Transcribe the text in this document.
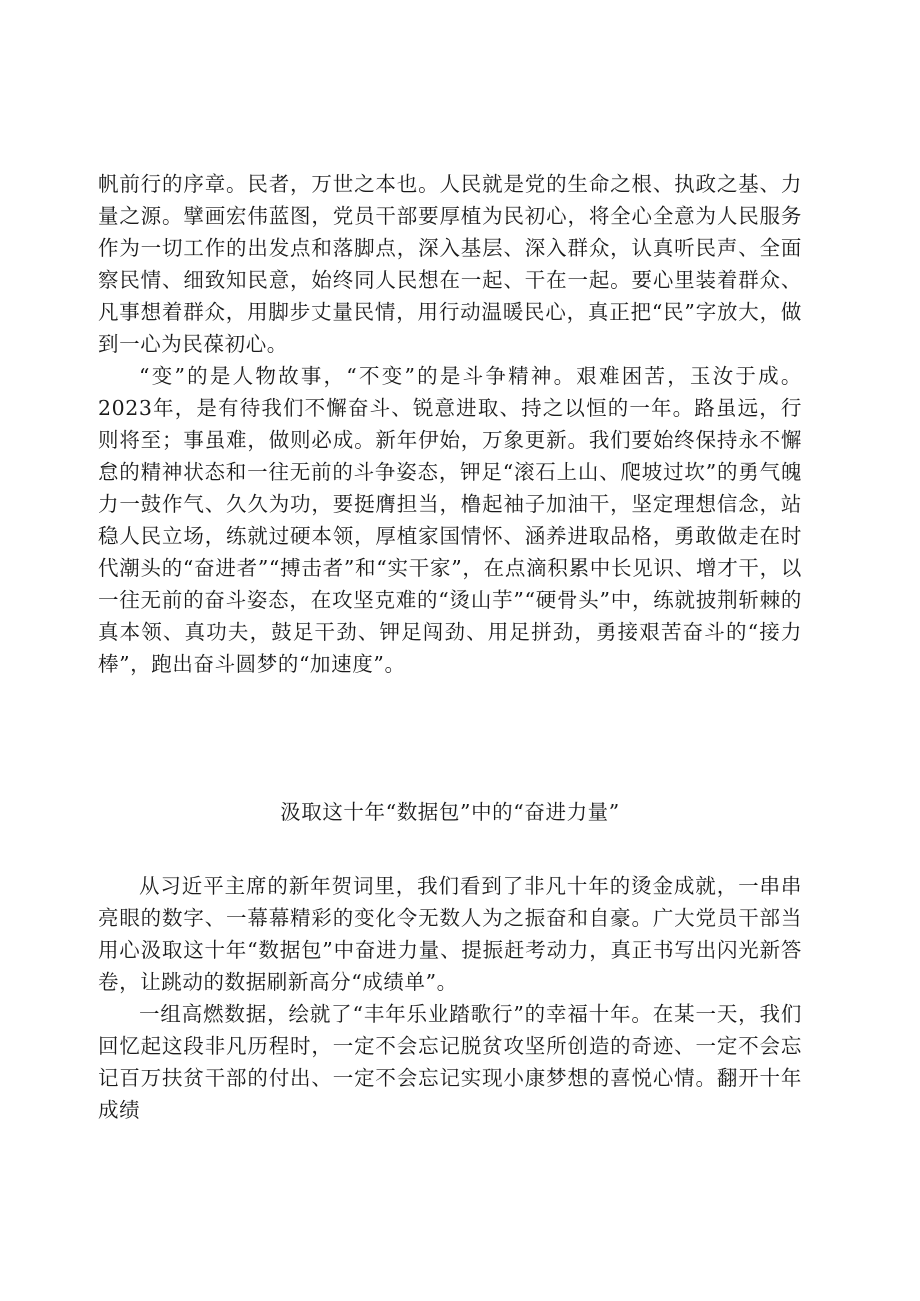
帆前行的序章。民者，万世之本也。人民就是党的生命之根、执政之基、力量之源。擘画宏伟蓝图，党员干部要厚植为民初心，将全心全意为人民服务作为一切工作的出发点和落脚点，深入基层、深入群众，认真听民声、全面察民情、细致知民意，始终同人民想在一起、干在一起。要心里装着群众、凡事想着群众，用脚步丈量民情，用行动温暖民心，真正把“民”字放大，做到一心为民葆初心。

“变”的是人物故事，“不变”的是斗争精神。艰难困苦，玉汝于成。2023年，是有待我们不懈奋斗、锐意进取、持之以恒的一年。路虽远，行则将至；事虽难，做则必成。新年伊始，万象更新。我们要始终保持永不懈怠的精神状态和一往无前的斗争姿态，钾足“滚石上山、爬坡过坎”的勇气魄力一鼓作气、久久为功，要挺膺担当，橹起袖子加油干，坚定理想信念，站稳人民立场，练就过硬本领，厚植家国情怀、涵养进取品格，勇敢做走在时代潮头的“奋进者”“搏击者”和“实干家”，在点滴积累中长见识、增才干，以一往无前的奋斗姿态，在攻坚克难的“烫山芋”“硬骨头”中，练就披荆斩棘的真本领、真功夫，鼓足干劲、钾足闯劲、用足拼劲，勇接艰苦奋斗的“接力棒”，跑出奋斗圆梦的“加速度”。

汲取这十年“数据包”中的“奋进力量”

从习近平主席的新年贺词里，我们看到了非凡十年的烫金成就，一串串亮眼的数字、一幕幕精彩的变化令无数人为之振奋和自豪。广大党员干部当用心汲取这十年“数据包”中奋进力量、提振赶考动力，真正书写出闪光新答卷，让跳动的数据刷新高分“成绩单”。

一组高燃数据，绘就了“丰年乐业踏歌行”的幸福十年。在某一天，我们回忆起这段非凡历程时，一定不会忘记脱贫攻坚所创造的奇迹、一定不会忘记百万扶贫干部的付出、一定不会忘记实现小康梦想的喜悦心情。翻开十年成绩
